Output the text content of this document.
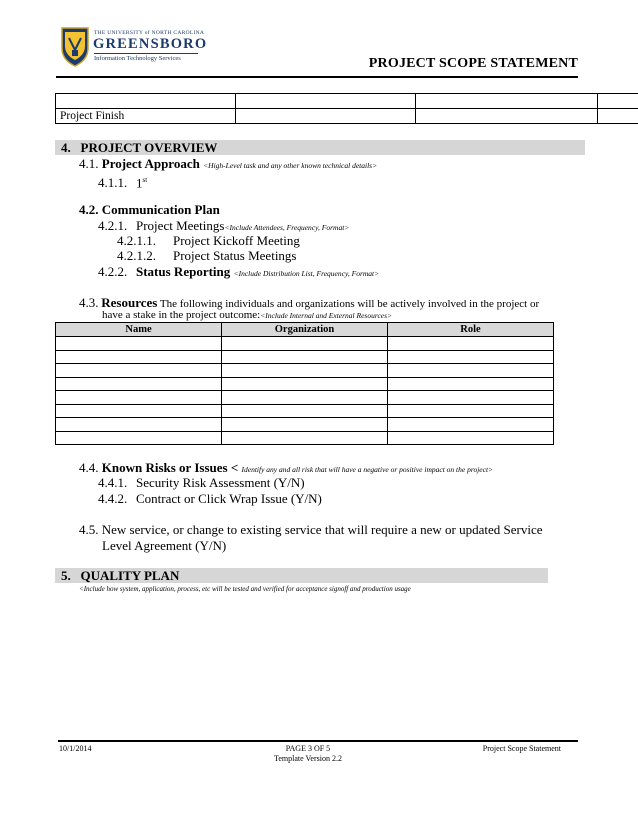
THE UNIVERSITY of NORTH CAROLINA
GREENSBORO
Information Technology Services	PROJECT SCOPE STATEMENT

Project Finish			
4. PROJECT OVERVIEW
4.1. Project Approach <High-Level task and any other known technical details>
4.1.1. 1st
4.2. Communication Plan
4.2.1. Project Meetings<Include Attendees, Frequency, Format>
4.2.1.1. Project Kickoff Meeting
4.2.1.2. Project Status Meetings
4.2.2. Status Reporting <Include Distribution List, Frequency, Format>
4.3. Resources The following individuals and organizations will be actively involved in the project or
have a stake in the project outcome:<Include Internal and External Resources>
Name	Organization	Role

4.4. Known Risks or Issues < Identify any and all risk that will have a negative or positive impact on the project>
4.4.1. Security Risk Assessment (Y/N)
4.4.2. Contract or Click Wrap Issue (Y/N)
4.5. New service, or change to existing service that will require a new or updated Service
Level Agreement (Y/N)
5. QUALITY PLAN
<Include how system, application, process, etc will be tested and verified for acceptance signoff and production usage
10/1/2014	PAGE 3 OF 5
Template Version 2.2
Project Scope Statement
